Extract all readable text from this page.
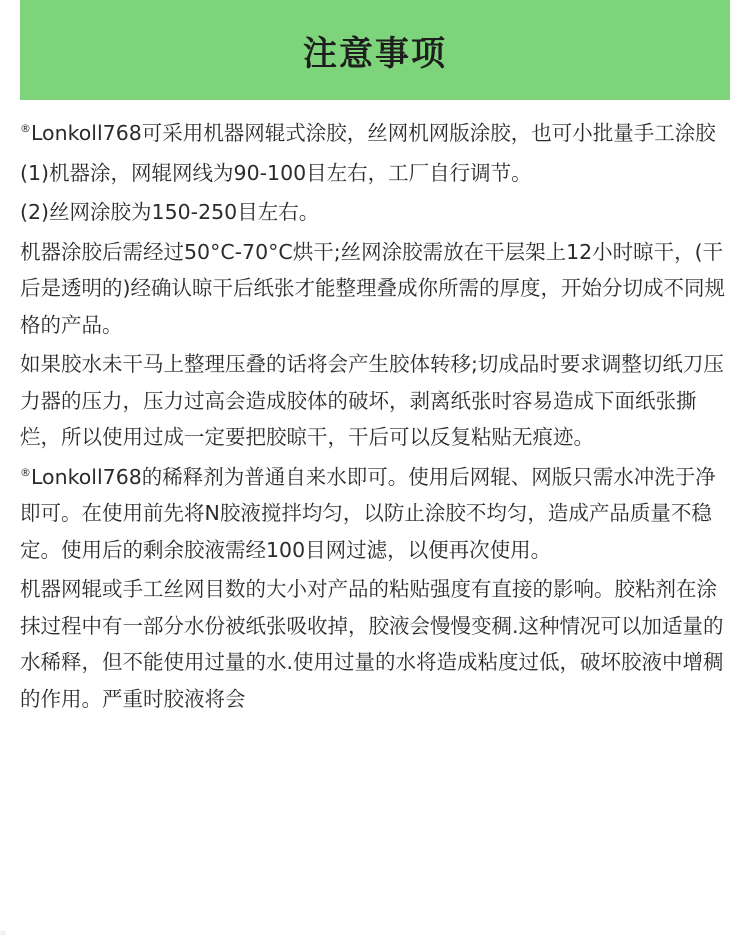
注意事项

®Lonkoll768可采用机器网辊式涂胶，丝网机网版涂胶，也可小批量手工涂胶

(1)机器涂，网辊网线为90-100目左右，工厂自行调节。

(2)丝网涂胶为150-250目左右。

机器涂胶后需经过50°C-70°C烘干;丝网涂胶需放在干层架上12小时晾干，(干后是透明的)经确认晾干后纸张才能整理叠成你所需的厚度，开始分切成不同规格的产品。

如果胶水未干马上整理压叠的话将会产生胶体转移;切成品时要求调整切纸刀压力器的压力，压力过高会造成胶体的破坏，剥离纸张时容易造成下面纸张撕烂，所以使用过成一定要把胶晾干，干后可以反复粘贴无痕迹。

®Lonkoll768的稀释剂为普通自来水即可。使用后网辊、网版只需水冲洗于净即可。在使用前先将N胶液搅拌均匀，以防止涂胶不均匀，造成产品质量不稳定。使用后的剩余胶液需经100目网过滤，以便再次使用。

机器网辊或手工丝网目数的大小对产品的粘贴强度有直接的影响。胶粘剂在涂抹过程中有一部分水份被纸张吸收掉，胶液会慢慢变稠.这种情况可以加适量的水稀释，但不能使用过量的水.使用过量的水将造成粘度过低，破坏胶液中增稠的作用。严重时胶液将会
